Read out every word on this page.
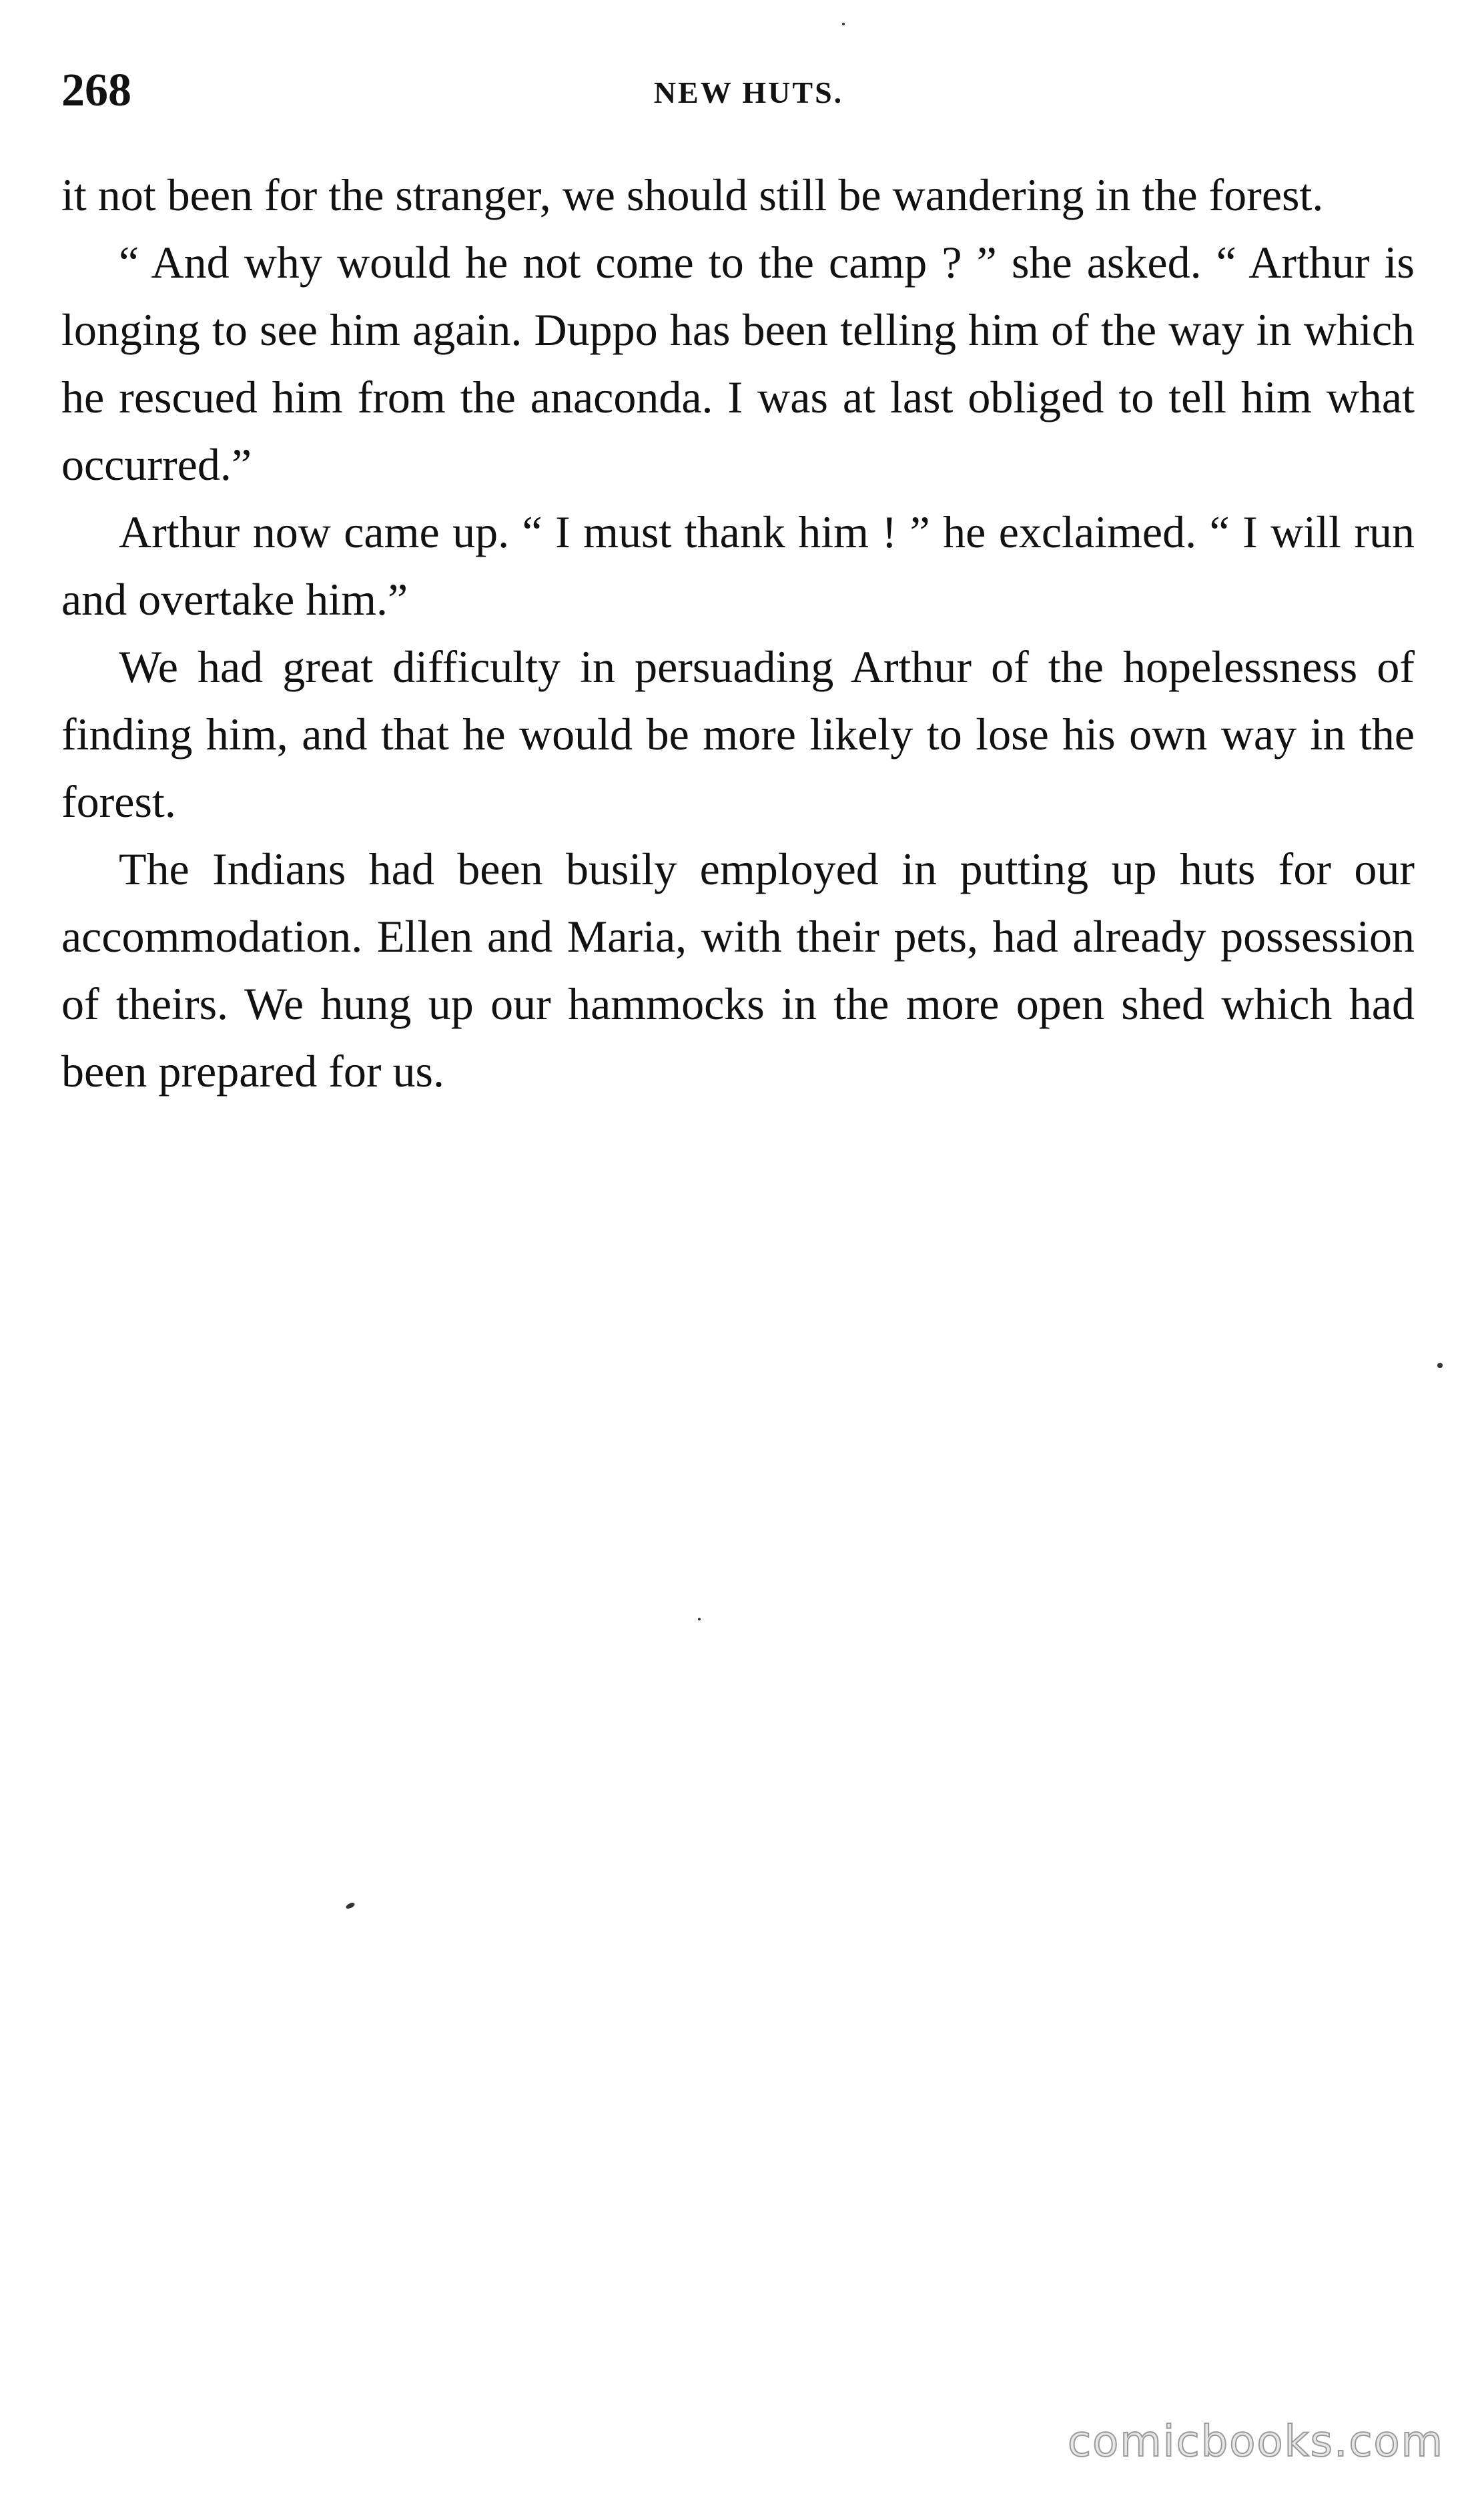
268	NEW HUTS.

it not been for the stranger, we should still be wandering in the forest.

“ And why would he not come to the camp ? ” she asked. “ Arthur is longing to see him again. Duppo has been telling him of the way in which he rescued him from the anaconda. I was at last obliged to tell him what occurred.”

Arthur now came up. “ I must thank him ! ” he exclaimed. “ I will run and overtake him.”

We had great difficulty in persuading Arthur of the hopelessness of finding him, and that he would be more likely to lose his own way in the forest.

The Indians had been busily employed in putting up huts for our accommodation. Ellen and Maria, with their pets, had already possession of theirs. We hung up our hammocks in the more open shed which had been prepared for us.

comicbooks.com
